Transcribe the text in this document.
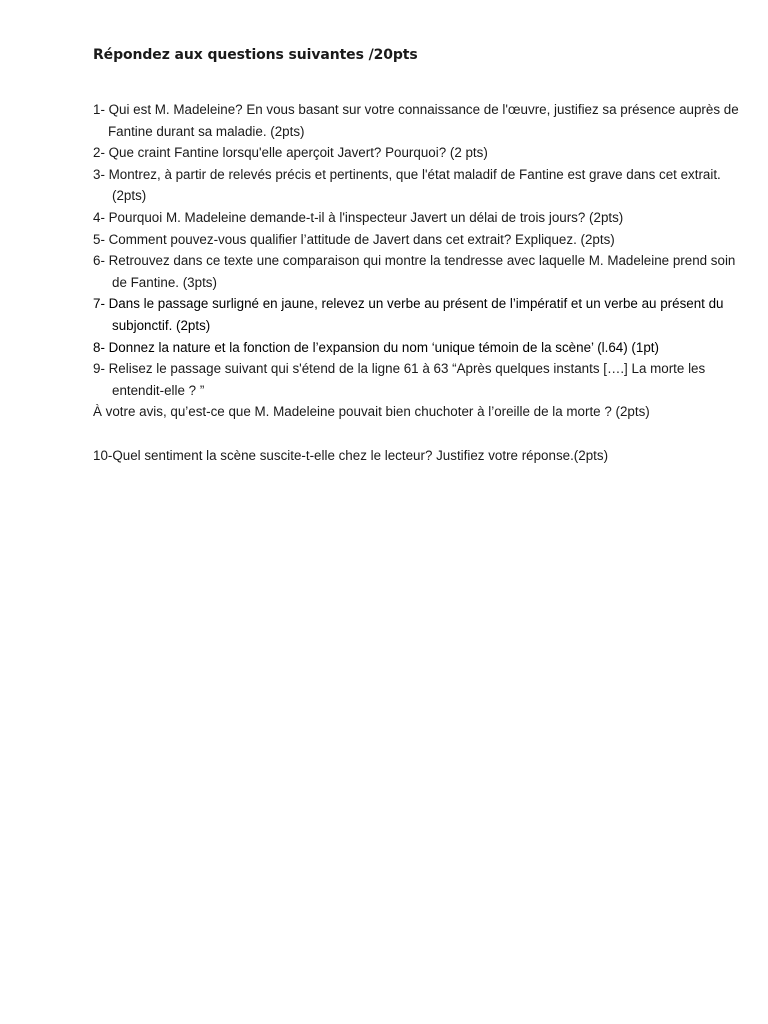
Répondez aux questions suivantes /20pts

1- Qui est M. Madeleine? En vous basant sur votre connaissance de l'œuvre, justifiez sa présence auprès de Fantine durant sa maladie. (2pts)

2- Que craint Fantine lorsqu'elle aperçoit Javert? Pourquoi? (2 pts)

3- Montrez, à partir de relevés précis et pertinents, que l'état maladif de Fantine est grave dans cet extrait. (2pts)

4- Pourquoi M. Madeleine demande-t-il à l'inspecteur Javert un délai de trois jours? (2pts)

5- Comment pouvez-vous qualifier l’attitude de Javert dans cet extrait? Expliquez. (2pts)

6- Retrouvez dans ce texte une comparaison qui montre la tendresse avec laquelle M. Madeleine prend soin de Fantine. (3pts)

7- Dans le passage surligné en jaune, relevez un verbe au présent de l’impératif et un verbe au présent du subjonctif. (2pts)

8- Donnez la nature et la fonction de l’expansion du nom ‘unique témoin de la scène’ (l.64) (1pt)

9- Relisez le passage suivant qui s'étend de la ligne 61 à 63 “Après quelques instants [….] La morte les entendit-elle ? ”

À votre avis, qu’est-ce que M. Madeleine pouvait bien chuchoter à l’oreille de la morte ? (2pts)

10-Quel sentiment la scène suscite-t-elle chez le lecteur? Justifiez votre réponse.(2pts)
